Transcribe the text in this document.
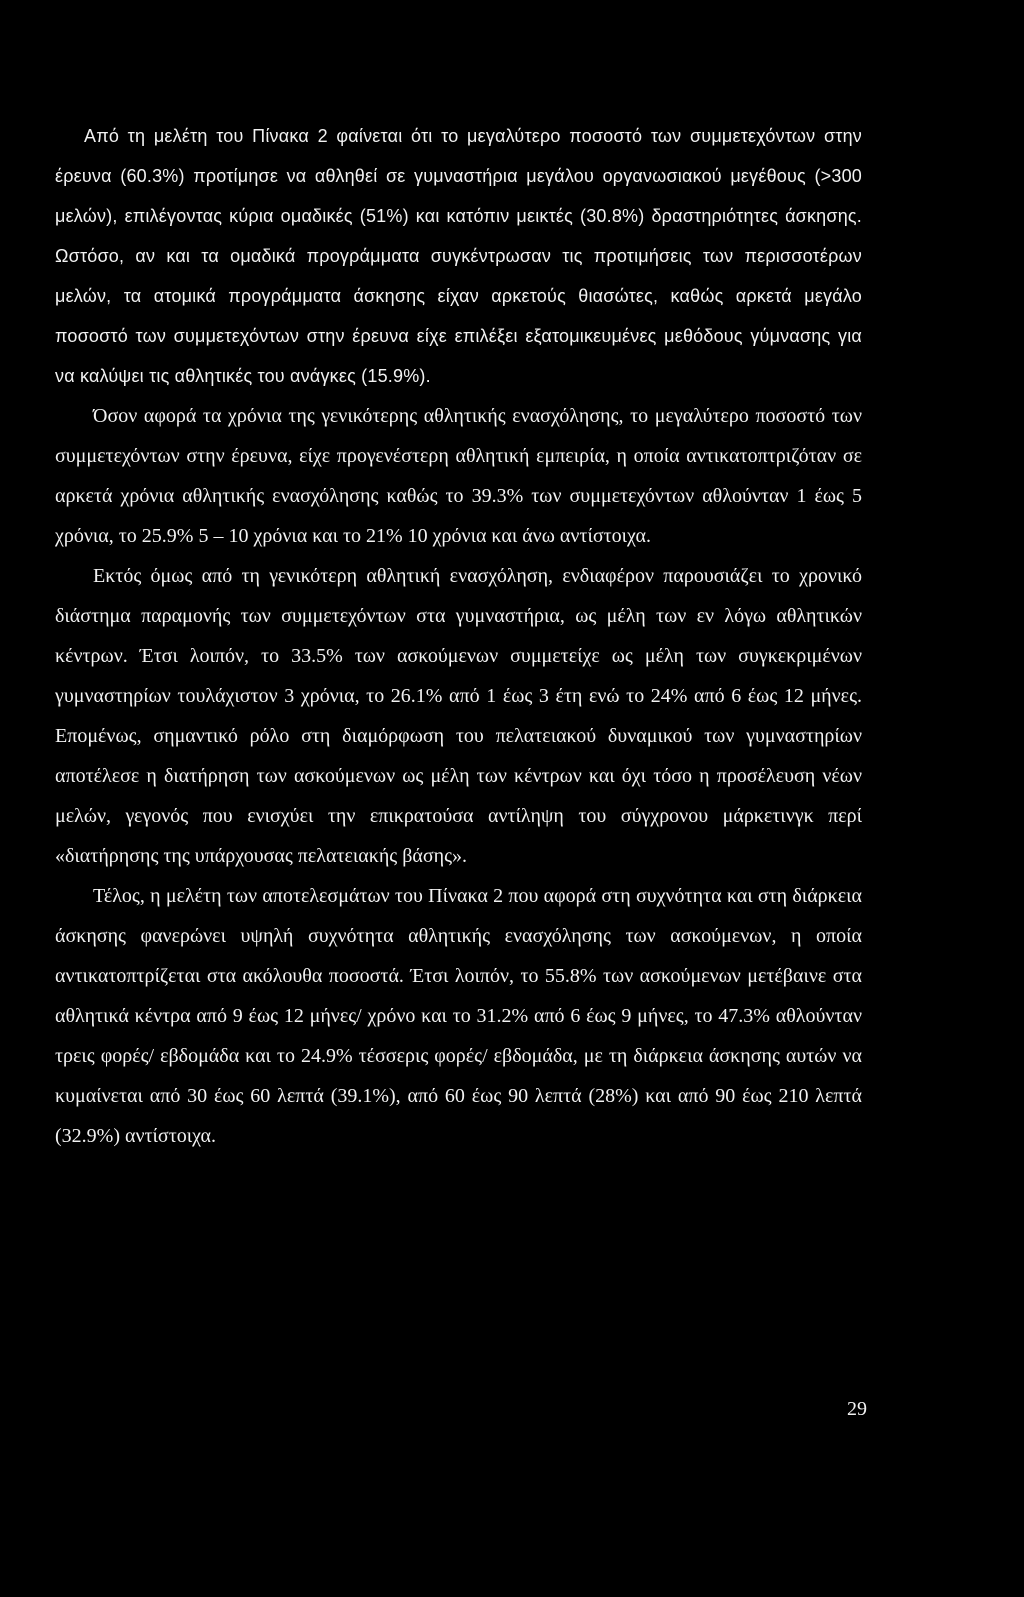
Από τη μελέτη του Πίνακα 2 φαίνεται ότι το μεγαλύτερο ποσοστό των συμμετεχόντων στην έρευνα (60.3%) προτίμησε να αθληθεί σε γυμναστήρια μεγάλου οργανωσιακού μεγέθους (>300 μελών), επιλέγοντας κύρια ομαδικές (51%) και κατόπιν μεικτές (30.8%) δραστηριότητες άσκησης. Ωστόσο, αν και τα ομαδικά προγράμματα συγκέντρωσαν τις προτιμήσεις των περισσοτέρων μελών, τα ατομικά προγράμματα άσκησης είχαν αρκετούς θιασώτες, καθώς αρκετά μεγάλο ποσοστό των συμμετεχόντων στην έρευνα είχε επιλέξει εξατομικευμένες μεθόδους γύμνασης για να καλύψει τις αθλητικές του ανάγκες (15.9%).

Όσον αφορά τα χρόνια της γενικότερης αθλητικής ενασχόλησης, το μεγαλύτερο ποσοστό των συμμετεχόντων στην έρευνα, είχε προγενέστερη αθλητική εμπειρία, η οποία αντικατοπτριζόταν σε αρκετά χρόνια αθλητικής ενασχόλησης καθώς το 39.3% των συμμετεχόντων αθλούνταν 1 έως 5 χρόνια, το 25.9% 5 – 10 χρόνια και το 21% 10 χρόνια και άνω αντίστοιχα.

Εκτός όμως από τη γενικότερη αθλητική ενασχόληση, ενδιαφέρον παρουσιάζει το χρονικό διάστημα παραμονής των συμμετεχόντων στα γυμναστήρια, ως μέλη των εν λόγω αθλητικών κέντρων. Έτσι λοιπόν, το 33.5% των ασκούμενων συμμετείχε ως μέλη των συγκεκριμένων γυμναστηρίων τουλάχιστον 3 χρόνια, το 26.1% από 1 έως 3 έτη ενώ το 24% από 6 έως 12 μήνες. Επομένως, σημαντικό ρόλο στη διαμόρφωση του πελατειακού δυναμικού των γυμναστηρίων αποτέλεσε η διατήρηση των ασκούμενων ως μέλη των κέντρων και όχι τόσο η προσέλευση νέων μελών, γεγονός που ενισχύει την επικρατούσα αντίληψη του σύγχρονου μάρκετινγκ περί «διατήρησης της υπάρχουσας πελατειακής βάσης».

Τέλος, η μελέτη των αποτελεσμάτων του Πίνακα 2 που αφορά στη συχνότητα και στη διάρκεια άσκησης φανερώνει υψηλή συχνότητα αθλητικής ενασχόλησης των ασκούμενων, η οποία αντικατοπτρίζεται στα ακόλουθα ποσοστά. Έτσι λοιπόν, το 55.8% των ασκούμενων μετέβαινε στα αθλητικά κέντρα από 9 έως 12 μήνες/ χρόνο και το 31.2% από 6 έως 9 μήνες, το 47.3% αθλούνταν τρεις φορές/ εβδομάδα και το 24.9% τέσσερις φορές/ εβδομάδα, με τη διάρκεια άσκησης αυτών να κυμαίνεται από 30 έως 60 λεπτά (39.1%), από 60 έως 90 λεπτά (28%) και από 90 έως 210 λεπτά (32.9%) αντίστοιχα.

29
